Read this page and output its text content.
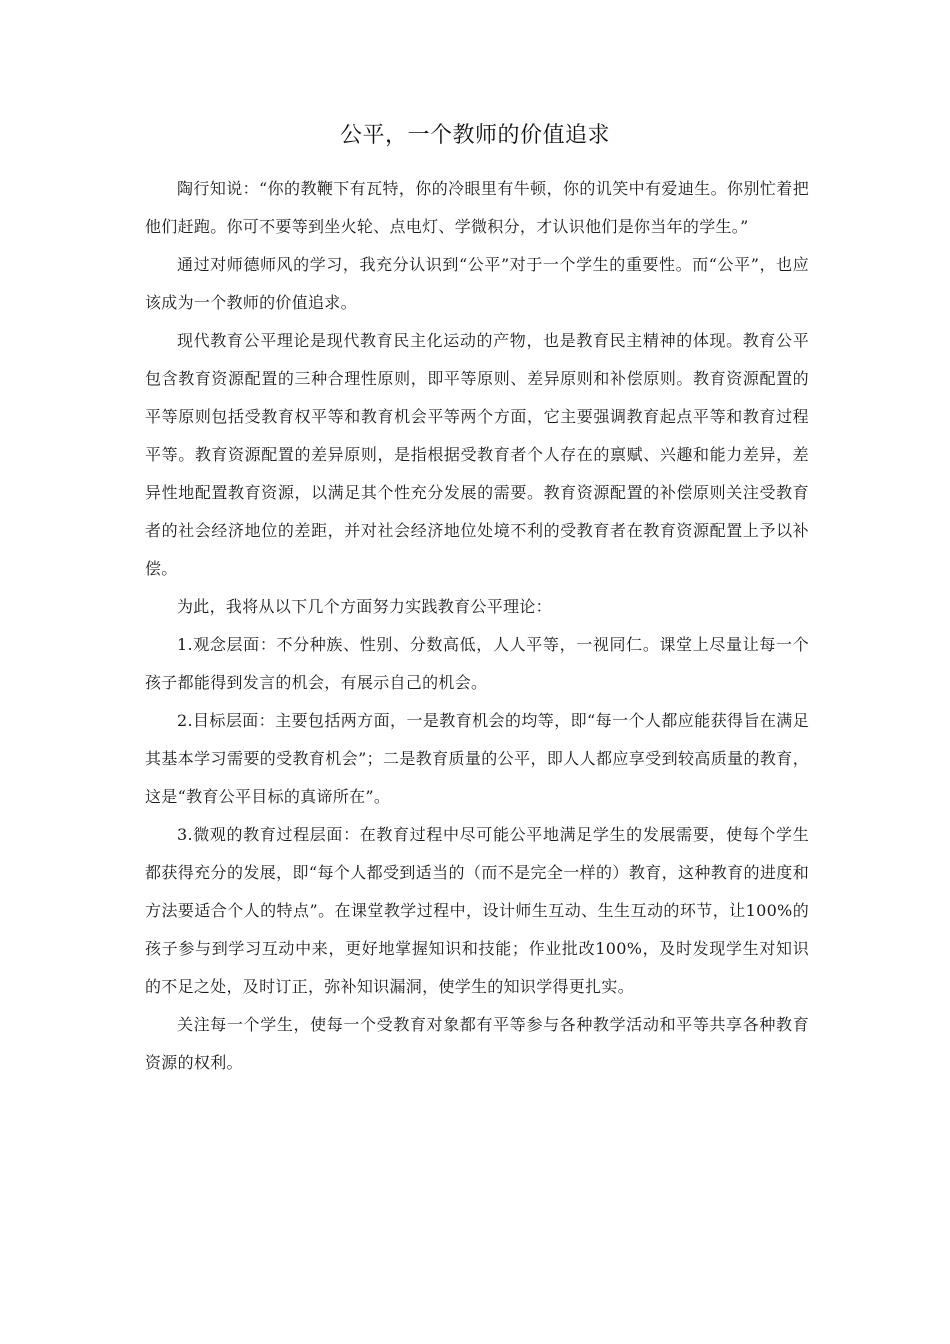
公平，一个教师的价值追求

陶行知说：“你的教鞭下有瓦特，你的冷眼里有牛顿，你的讥笑中有爱迪生。你别忙着把他们赶跑。你可不要等到坐火轮、点电灯、学微积分，才认识他们是你当年的学生。”

通过对师德师风的学习，我充分认识到“公平”对于一个学生的重要性。而“公平”，也应该成为一个教师的价值追求。

现代教育公平理论是现代教育民主化运动的产物，也是教育民主精神的体现。教育公平包含教育资源配置的三种合理性原则，即平等原则、差异原则和补偿原则。教育资源配置的平等原则包括受教育权平等和教育机会平等两个方面，它主要强调教育起点平等和教育过程平等。教育资源配置的差异原则，是指根据受教育者个人存在的禀赋、兴趣和能力差异，差异性地配置教育资源，以满足其个性充分发展的需要。教育资源配置的补偿原则关注受教育者的社会经济地位的差距，并对社会经济地位处境不利的受教育者在教育资源配置上予以补偿。

为此，我将从以下几个方面努力实践教育公平理论：

1.观念层面：不分种族、性别、分数高低，人人平等，一视同仁。课堂上尽量让每一个孩子都能得到发言的机会，有展示自己的机会。

2.目标层面：主要包括两方面，一是教育机会的均等，即“每一个人都应能获得旨在满足其基本学习需要的受教育机会”；二是教育质量的公平，即人人都应享受到较高质量的教育，这是“教育公平目标的真谛所在”。

3.微观的教育过程层面：在教育过程中尽可能公平地满足学生的发展需要，使每个学生都获得充分的发展，即“每个人都受到适当的（而不是完全一样的）教育，这种教育的进度和方法要适合个人的特点”。在课堂教学过程中，设计师生互动、生生互动的环节，让100%的孩子参与到学习互动中来，更好地掌握知识和技能；作业批改100%，及时发现学生对知识的不足之处，及时订正，弥补知识漏洞，使学生的知识学得更扎实。

关注每一个学生，使每一个受教育对象都有平等参与各种教学活动和平等共享各种教育资源的权利。
